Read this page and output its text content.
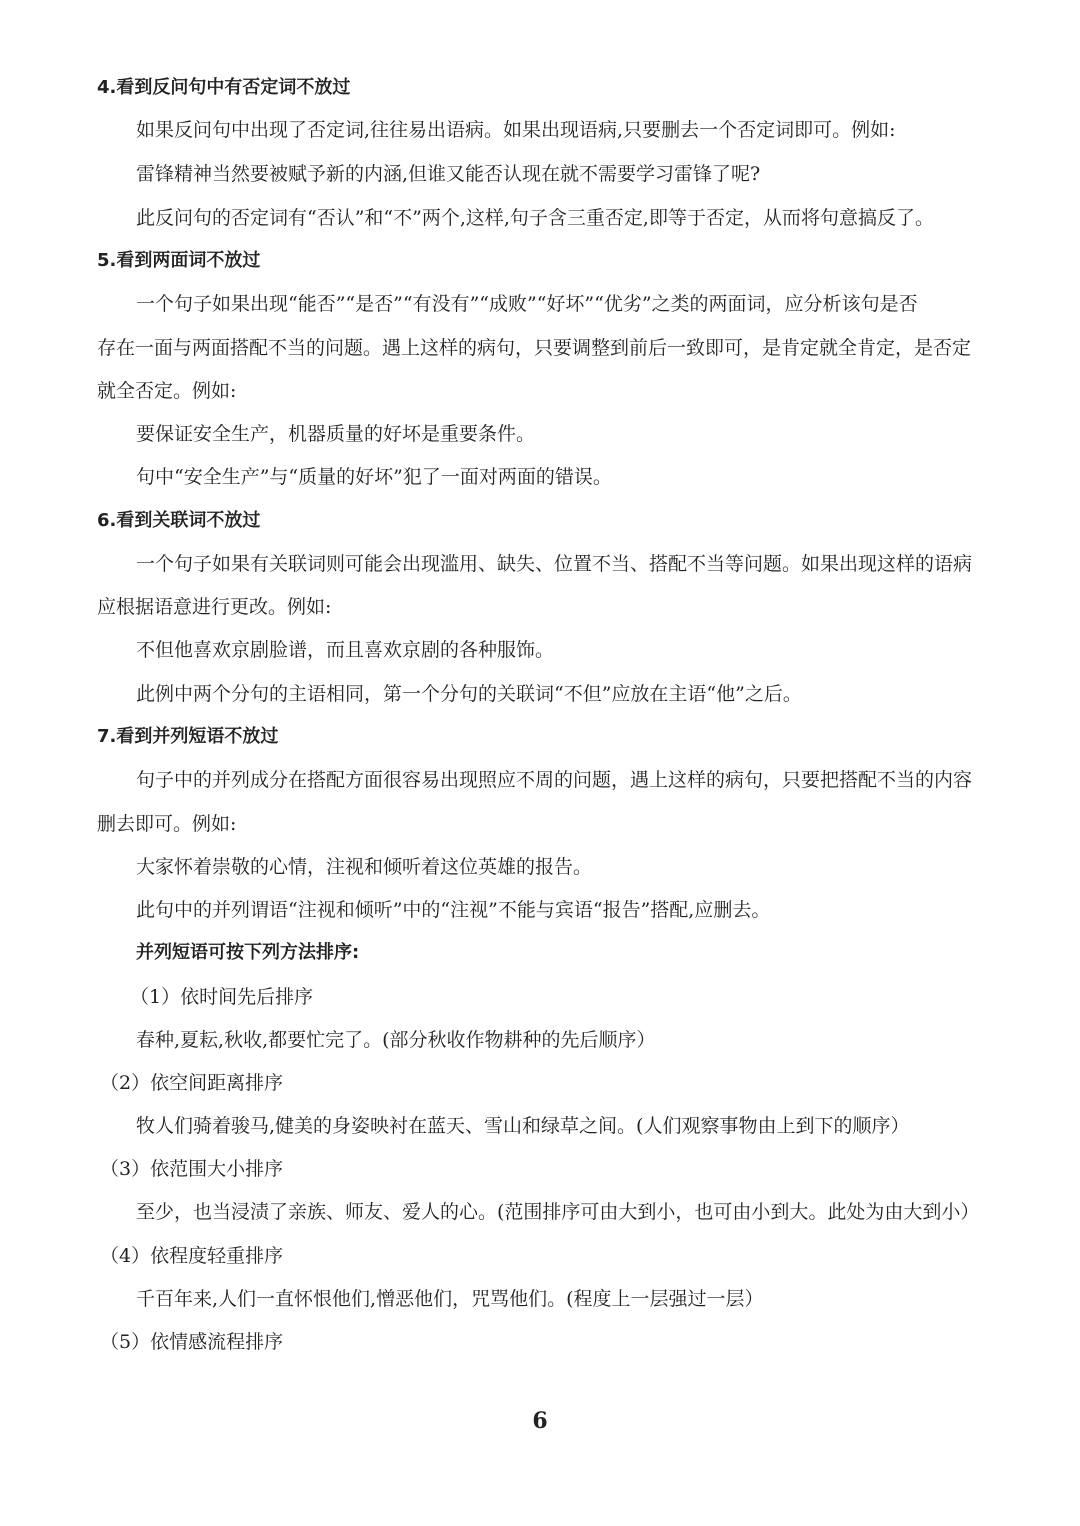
4.看到反问句中有否定词不放过
如果反问句中出现了否定词,往往易出语病。如果出现语病,只要删去一个否定词即可。例如:
雷锋精神当然要被赋予新的内涵,但谁又能否认现在就不需要学习雷锋了呢?
此反问句的否定词有“否认”和“不”两个,这样,句子含三重否定,即等于否定，从而将句意搞反了。
5.看到两面词不放过
一个句子如果出现“能否”“是否”“有没有”“成败”“好坏”“优劣”之类的两面词，应分析该句是否
存在一面与两面搭配不当的问题。遇上这样的病句，只要调整到前后一致即可，是肯定就全肯定，是否定
就全否定。例如:
要保证安全生产，机器质量的好坏是重要条件。
句中“安全生产”与“质量的好坏”犯了一面对两面的错误。
6.看到关联词不放过
一个句子如果有关联词则可能会出现滥用、缺失、位置不当、搭配不当等问题。如果出现这样的语病
应根据语意进行更改。例如:
不但他喜欢京剧脸谱，而且喜欢京剧的各种服饰。
此例中两个分句的主语相同，第一个分句的关联词“不但”应放在主语“他”之后。
7.看到并列短语不放过
句子中的并列成分在搭配方面很容易出现照应不周的问题，遇上这样的病句，只要把搭配不当的内容
删去即可。例如:
大家怀着崇敬的心情，注视和倾听着这位英雄的报告。
此句中的并列谓语“注视和倾听”中的“注视”不能与宾语“报告”搭配,应删去。
并列短语可按下列方法排序:
（1）依时间先后排序
春种,夏耘,秋收,都要忙完了。(部分秋收作物耕种的先后顺序）
（2）依空间距离排序
牧人们骑着骏马,健美的身姿映衬在蓝天、雪山和绿草之间。(人们观察事物由上到下的顺序）
（3）依范围大小排序
至少，也当浸渍了亲族、师友、爱人的心。(范围排序可由大到小，也可由小到大。此处为由大到小）
（4）依程度轻重排序
千百年来,人们一直怀恨他们,憎恶他们，咒骂他们。(程度上一层强过一层）
（5）依情感流程排序
6
